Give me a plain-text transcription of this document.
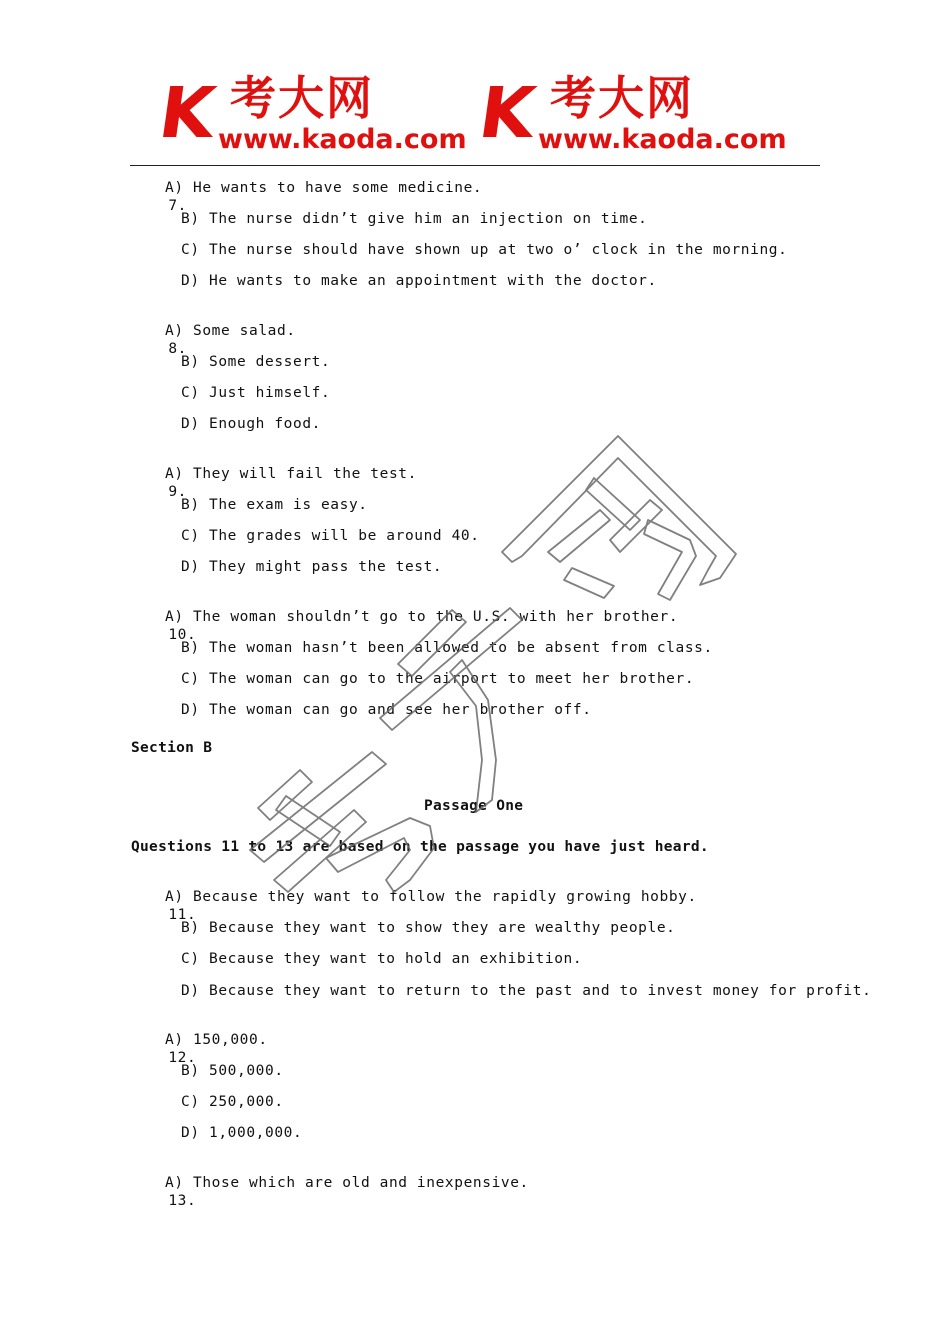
K 考大网
www.kaoda.com K 考大网
www.kaoda.com

7.

A) He wants to have some medicine.
B) The nurse didn’t give him an injection on time.
C) The nurse should have shown up at two o’ clock in the morning.
D) He wants to make an appointment with the doctor.

8.

A) Some salad.
B) Some dessert.
C) Just himself.
D) Enough food.

9.

A) They will fail the test.
B) The exam is easy.
C) The grades will be around 40.
D) They might pass the test.

10.

A) The woman shouldn’t go to the U.S. with her brother.
B) The woman hasn’t been allowed to be absent from class.
C) The woman can go to the airport to meet her brother.
D) The woman can go and see her brother off.
Section B
Passage One
Questions 11 to 13 are based on the passage you have just heard.

11.

A) Because they want to follow the rapidly growing hobby.
B) Because they want to show they are wealthy people.
C) Because they want to hold an exhibition.
D) Because they want to return to the past and to invest money for profit.

12.

A) 150,000.
B) 500,000.
C) 250,000.
D) 1,000,000.

13.

A) Those which are old and inexpensive.
